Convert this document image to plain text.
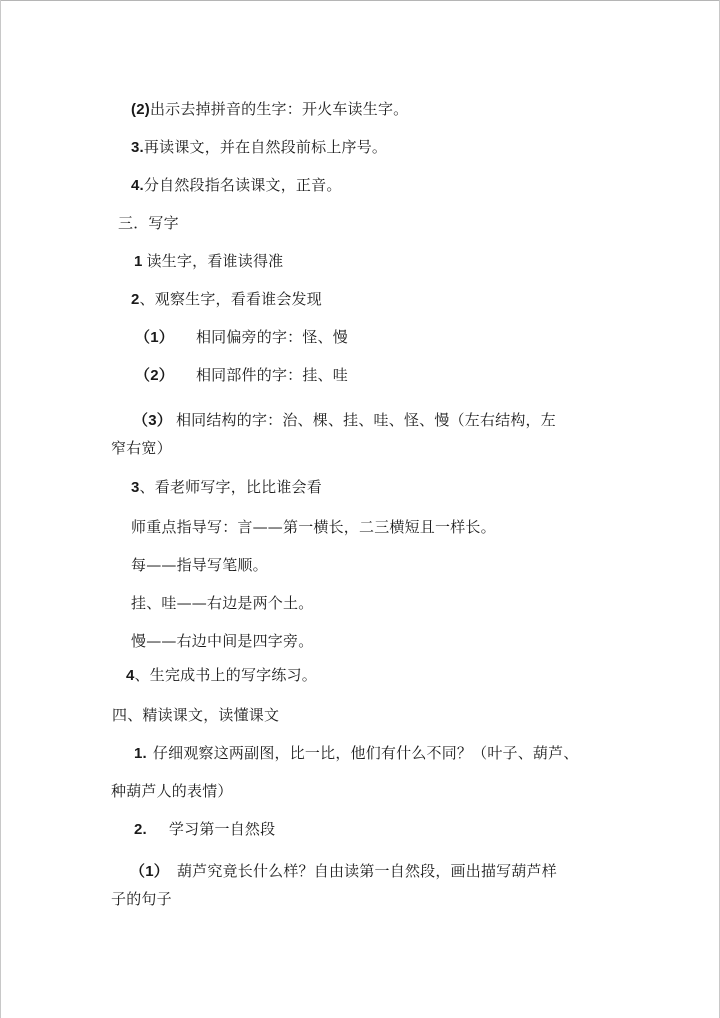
(2)出示去掉拼音的生字：开火车读生字。

3.再读课文，并在自然段前标上序号。

4.分自然段指名读课文，正音。

三．写字

1 读生字，看谁读得准

2、观察生字，看看谁会发现

（1） 相同偏旁的字：怪、慢

（2） 相同部件的字：挂、哇

（3） 相同结构的字：治、棵、挂、哇、怪、慢（左右结构，左

窄右宽）

3、看老师写字，比比谁会看

师重点指导写：言——第一横长，二三横短且一样长。

每——指导写笔顺。

挂、哇——右边是两个土。

慢——右边中间是四字旁。

4、生完成书上的写字练习。

四、精读课文，读懂课文

1. 仔细观察这两副图，比一比，他们有什么不同？（叶子、葫芦、

种葫芦人的表情）

2. 学习第一自然段

（1） 葫芦究竟长什么样？自由读第一自然段，画出描写葫芦样

子的句子
